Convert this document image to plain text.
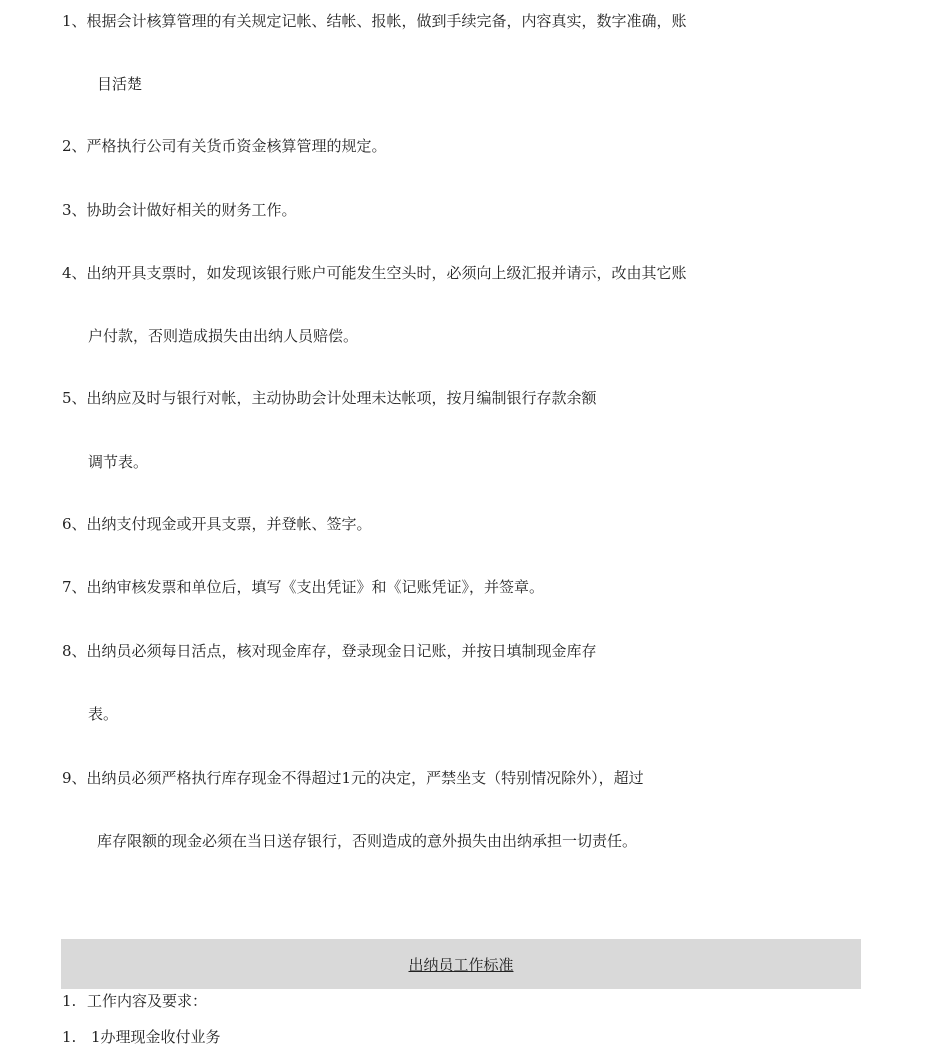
1、根据会计核算管理的有关规定记帐、结帐、报帐，做到手续完备，内容真实，数字准确，账
目活楚
2、严格执行公司有关货币资金核算管理的规定。
3、协助会计做好相关的财务工作。
4、出纳开具支票时，如发现该银行账户可能发生空头时，必须向上级汇报并请示，改由其它账
户付款，否则造成损失由出纳人员赔偿。
5、出纳应及时与银行对帐，主动协助会计处理未达帐项，按月编制银行存款余额
调节表。
6、出纳支付现金或开具支票，并登帐、签字。
7、出纳审核发票和单位后，填写《支出凭证》和《记账凭证》，并签章。
8、出纳员必须每日活点，核对现金库存，登录现金日记账，并按日填制现金库存
表。
9、出纳员必须严格执行库存现金不得超过1元的决定，严禁坐支（特别情况除外），超过
库存限额的现金必须在当日送存银行，否则造成的意外损失由出纳承担一切责任。
出纳员工作标准
1. 工作内容及要求：
1. 1办理现金收付业务
